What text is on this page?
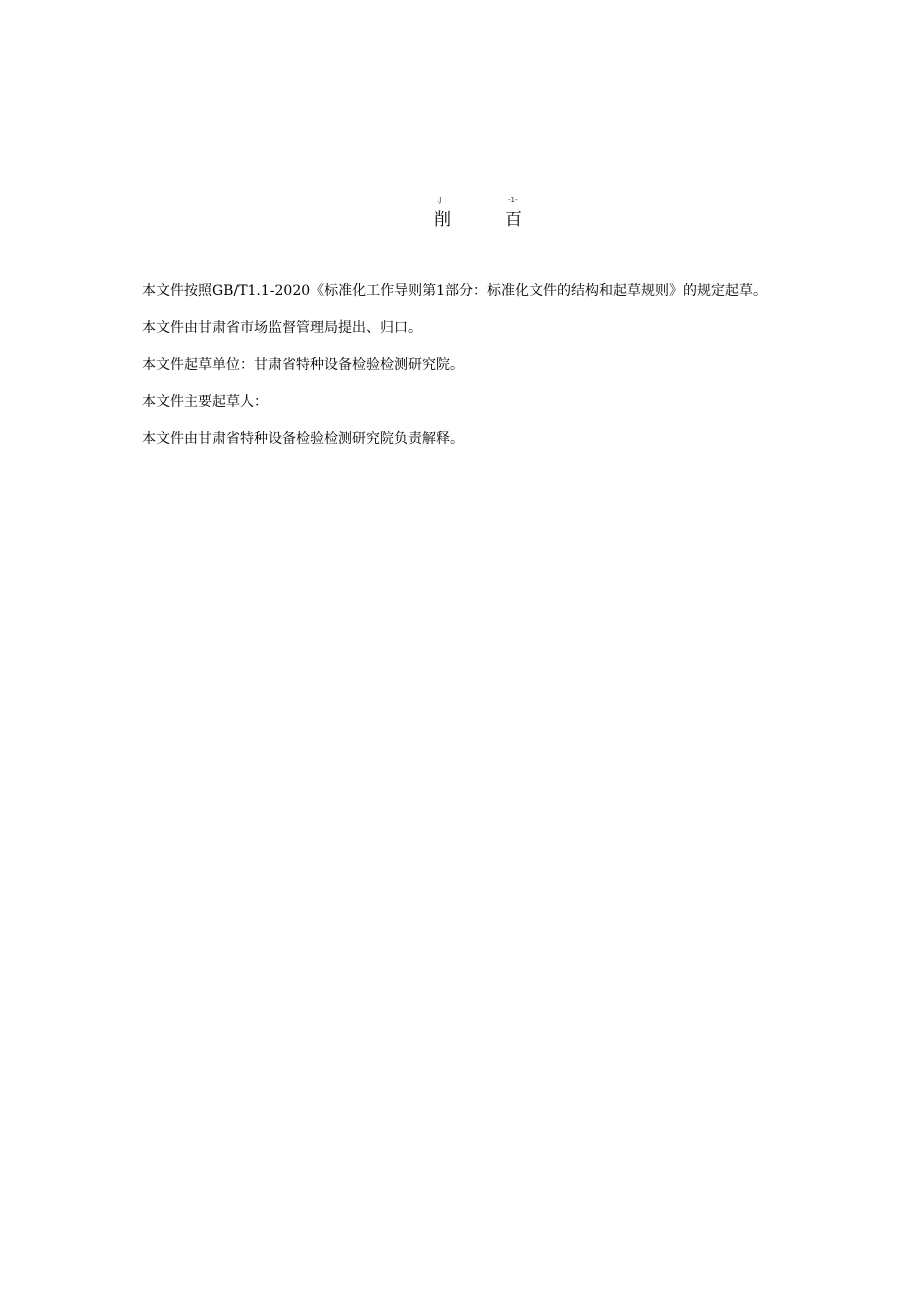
.J
削
-1-
百

本文件按照GB/T1.1-2020《标准化工作导则第1部分：标准化文件的结构和起草规则》的规定起草。

本文件由甘肃省市场监督管理局提出、归口。

本文件起草单位：甘肃省特种设备检验检测研究院。

本文件主要起草人：

本文件由甘肃省特种设备检验检测研究院负责解释。
